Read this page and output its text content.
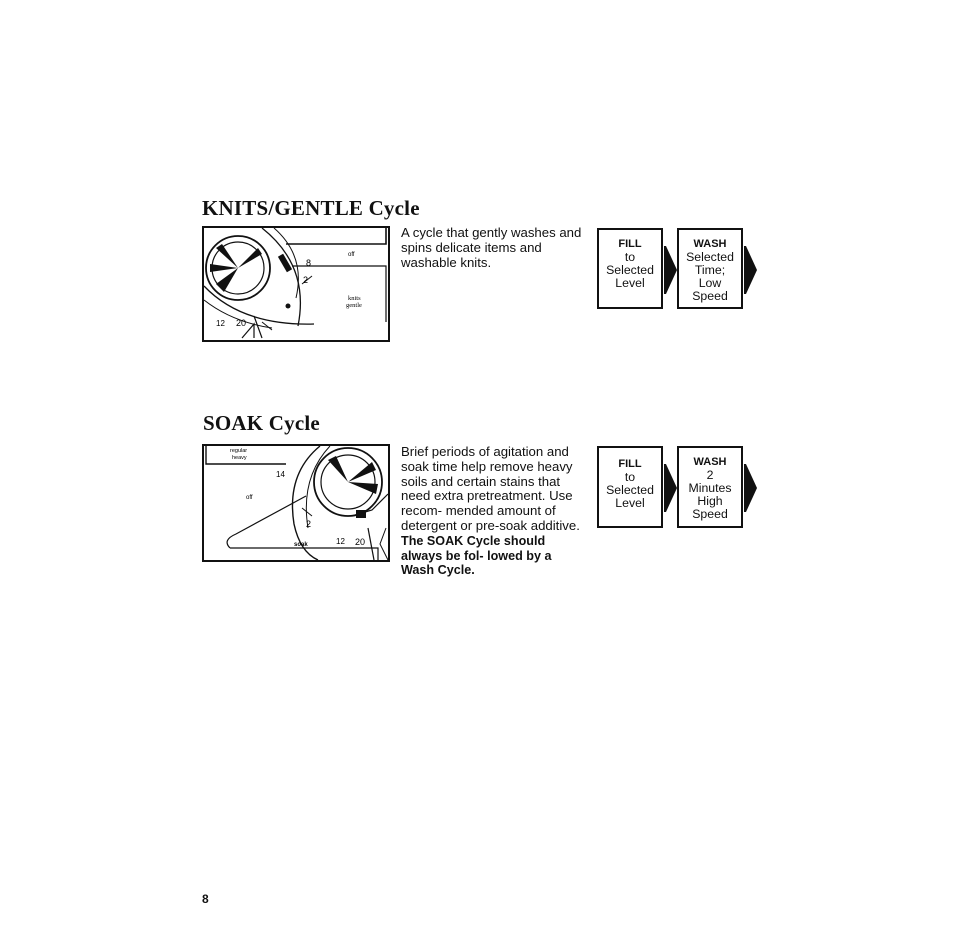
KNITS/GENTLE Cycle
off
8
2
12 20
knits
gentle
A cycle that gently washes and spins delicate items and washable knits.
FILL
to
Selected
Level
WASH
Selected
Time;
Low
Speed
SOAK Cycle
regular
heavy
14
off
2
soak	12 20
Brief periods of agitation and soak time help remove heavy soils and certain stains that need extra pretreatment. Use recom- mended amount of detergent or pre-soak additive. The SOAK Cycle should always be fol- lowed by a Wash Cycle.
FILL
to
Selected
Level
WASH
2
Minutes
High
Speed
8
